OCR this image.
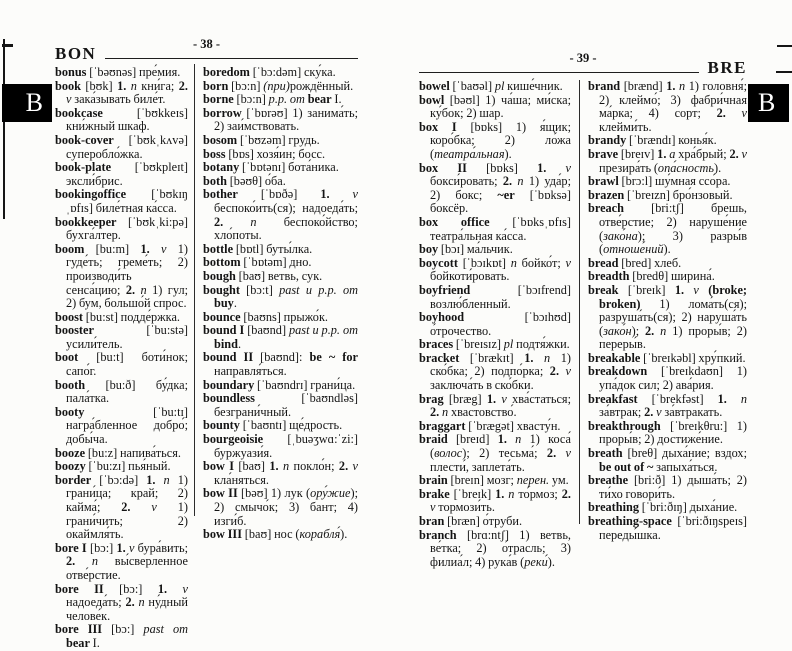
B	B
BON	- 38 -

bonus [ˈbəʊnəs] пре́мия.

book [bʊk] 1. n кни́га; 2. v зака́зывать биле́т.

bookcase [ˈbʊkkeɪs] кни́жный шкаф.

book-cover [ˈbʊkˌkʌvə] суперобло́жка.

book-plate [ˈbʊkpleɪt] эксли́брис.

bookingoffice [ˈbʊkɪŋˌɒfɪs] биле́тная ка́сса.

bookkeeper [ˈbʊkˌki:pə] бухга́лтер.

boom [bu:m] 1. v 1) гуде́ть; греме́ть; 2) производи́ть сенса́цию; 2. n 1) гул; 2) бум, большо́й спрос.

boost [bu:st] подде́ржка.

booster [ˈbu:stə] усили́тель.

boot [bu:t] боти́нок; сапо́г.

booth [bu:ð] бу́дка; пала́тка.

booty [ˈbu:tɪ] награ́бленное добро́; добы́ча.

booze [bu:z] напива́ться.

boozy [ˈbu:zɪ] пья́ный.

border [ˈbɔ:də] 1. n 1) грани́ца; край; 2) кайма́; 2. v 1) грани́чить; 2) окаймля́ть.

bore I [bɔ:] 1. v бура́вить; 2. n вы́сверленное отве́рстие.

bore II [bɔ:] 1. v надоеда́ть; 2. n ну́дный челове́к.

bore III [bɔ:] past от bear I.

boredom [ˈbɔ:dəm] ску́ка.

born [bɔ:n] (при)рождённый.

borne [bɔ:n] p.p. от bear I.

borrow [ˈbɒrəʊ] 1) занима́ть; 2) заи́мствовать.

bosom [ˈbʊzəm] грудь.

boss [bɒs] хозя́ин; босс.

botany [ˈbɒtənɪ] бота́ника.

both [bəʊθ] о́ба.

bother [ˈbɒðə] 1. v беспоко́ить(ся); надоеда́ть; 2. n беспоко́йство; хло́поты.

bottle [bɒtl] буты́лка.

bottom [ˈbɒtəm] дно.

bough [baʊ] ветвь, сук.

bought [bɔ:t] past и p.p. от buy.

bounce [baʊns] прыжо́к.

bound I [baʊnd] past и p.p. от bind.

bound II [baʊnd]: be ~ for направля́ться.

boundary [ˈbaʊndrɪ] грани́ца.

boundless [ˈbaʊndləs] безграни́чный.

bounty [ˈbaʊntɪ] ще́дрость.

bourgeoisie [ˌbuəʒwɑ:ˈzi:] буржуази́я.

bow I [baʊ] 1. n покло́н; 2. v кла́няться.

bow II [bəʊ] 1) лук (ору́жие); 2) смычо́к; 3) бант; 4) изги́б.

bow III [baʊ] нос (корабля́).

BRE
- 39 -

bowel [ˈbaʊəl] pl кише́чник.

bowl [bəʊl] 1) ча́ша; ми́ска; ку́бок; 2) шар.

box I [bɒks] 1) я́щик; коро́бка; 2) ло́жа (театра́льная).

box II [bɒks] 1. v бокси́ровать; 2. n 1) уда́р; 2) бокс; ~er [ˈbɒksə] боксёр.

box office [ˈbɒksˌɒfɪs] театра́льная ка́сса.

boy [bɔɪ] ма́льчик.

boycott [ˈbɔɪkɒt] n бойко́т; v бойкоти́ровать.

boyfriend [ˈbɔɪfrend] возлю́бленный.

boyhood [ˈbɔɪhʊd] о́трочество.

braces [ˈbreɪsɪz] pl подтя́жки.

bracket [ˈbrækɪt] 1. n 1) ско́бка; 2) подпо́рка; 2. v заключа́ть в ско́бки.

brag [bræg] 1. v хва́статься; 2. n хвастовство́.

braggart [ˈbrægət] хвасту́н.

braid [breɪd] 1. n 1) коса́ (волос); 2) тесьма́; 2. v плести́, заплета́ть.

brain [breɪn] мозг; перен. ум.

brake [ˈbreɪk] 1. n то́рмоз; 2. v тормози́ть.

bran [bræn] о́труби.

branch [brɑ:ntʃ] 1) ветвь, ве́тка; 2) о́трасль; 3) филиа́л; 4) рука́в (реки́).

brand [brænd] 1. n 1) головня́; 2) клеймо́; 3) фабри́чная ма́рка; 4) сорт; 2. v клейми́ть.

brandy [ˈbrændɪ] конья́к.

brave [breɪv] 1. a хра́брый; 2. v презира́ть (опа́сность).

brawl [brɔ:l] шу́мная ссо́ра.

brazen [ˈbreɪzn] бро́нзовый.

breach [bri:tʃ] брешь, отве́рстие; 2) наруше́ние (зако́на); 3) разры́в (отноше́ний).

bread [bred] хлеб.

breadth [bredθ] ширина́.

break [ˈbreɪk] 1. v (broke; broken) 1) лома́ть(ся); разруша́ть(ся); 2) наруша́ть (зако́н); 2. n 1) проры́в; 2) переры́в.

breakable [ˈbreɪkəbl] хру́пкий.

breakdown [ˈbreɪkdaʊn] 1) упа́док сил; 2) ава́рия.

breakfast [ˈbrekfəst] 1. n за́втрак; 2. v за́втракать.

breakthrough [ˈbreɪkθru:] 1) проры́в; 2) достиже́ние.

breath [breθ] дыха́ние; вздох; be out of ~ запыха́ться.

breathe [bri:ð] 1) дыша́ть; 2) ти́хо говори́ть.

breathing [ˈbri:ðɪŋ] дыха́ние.

breathing-space [ˈbri:ðɪŋspeɪs] переды́шка.
